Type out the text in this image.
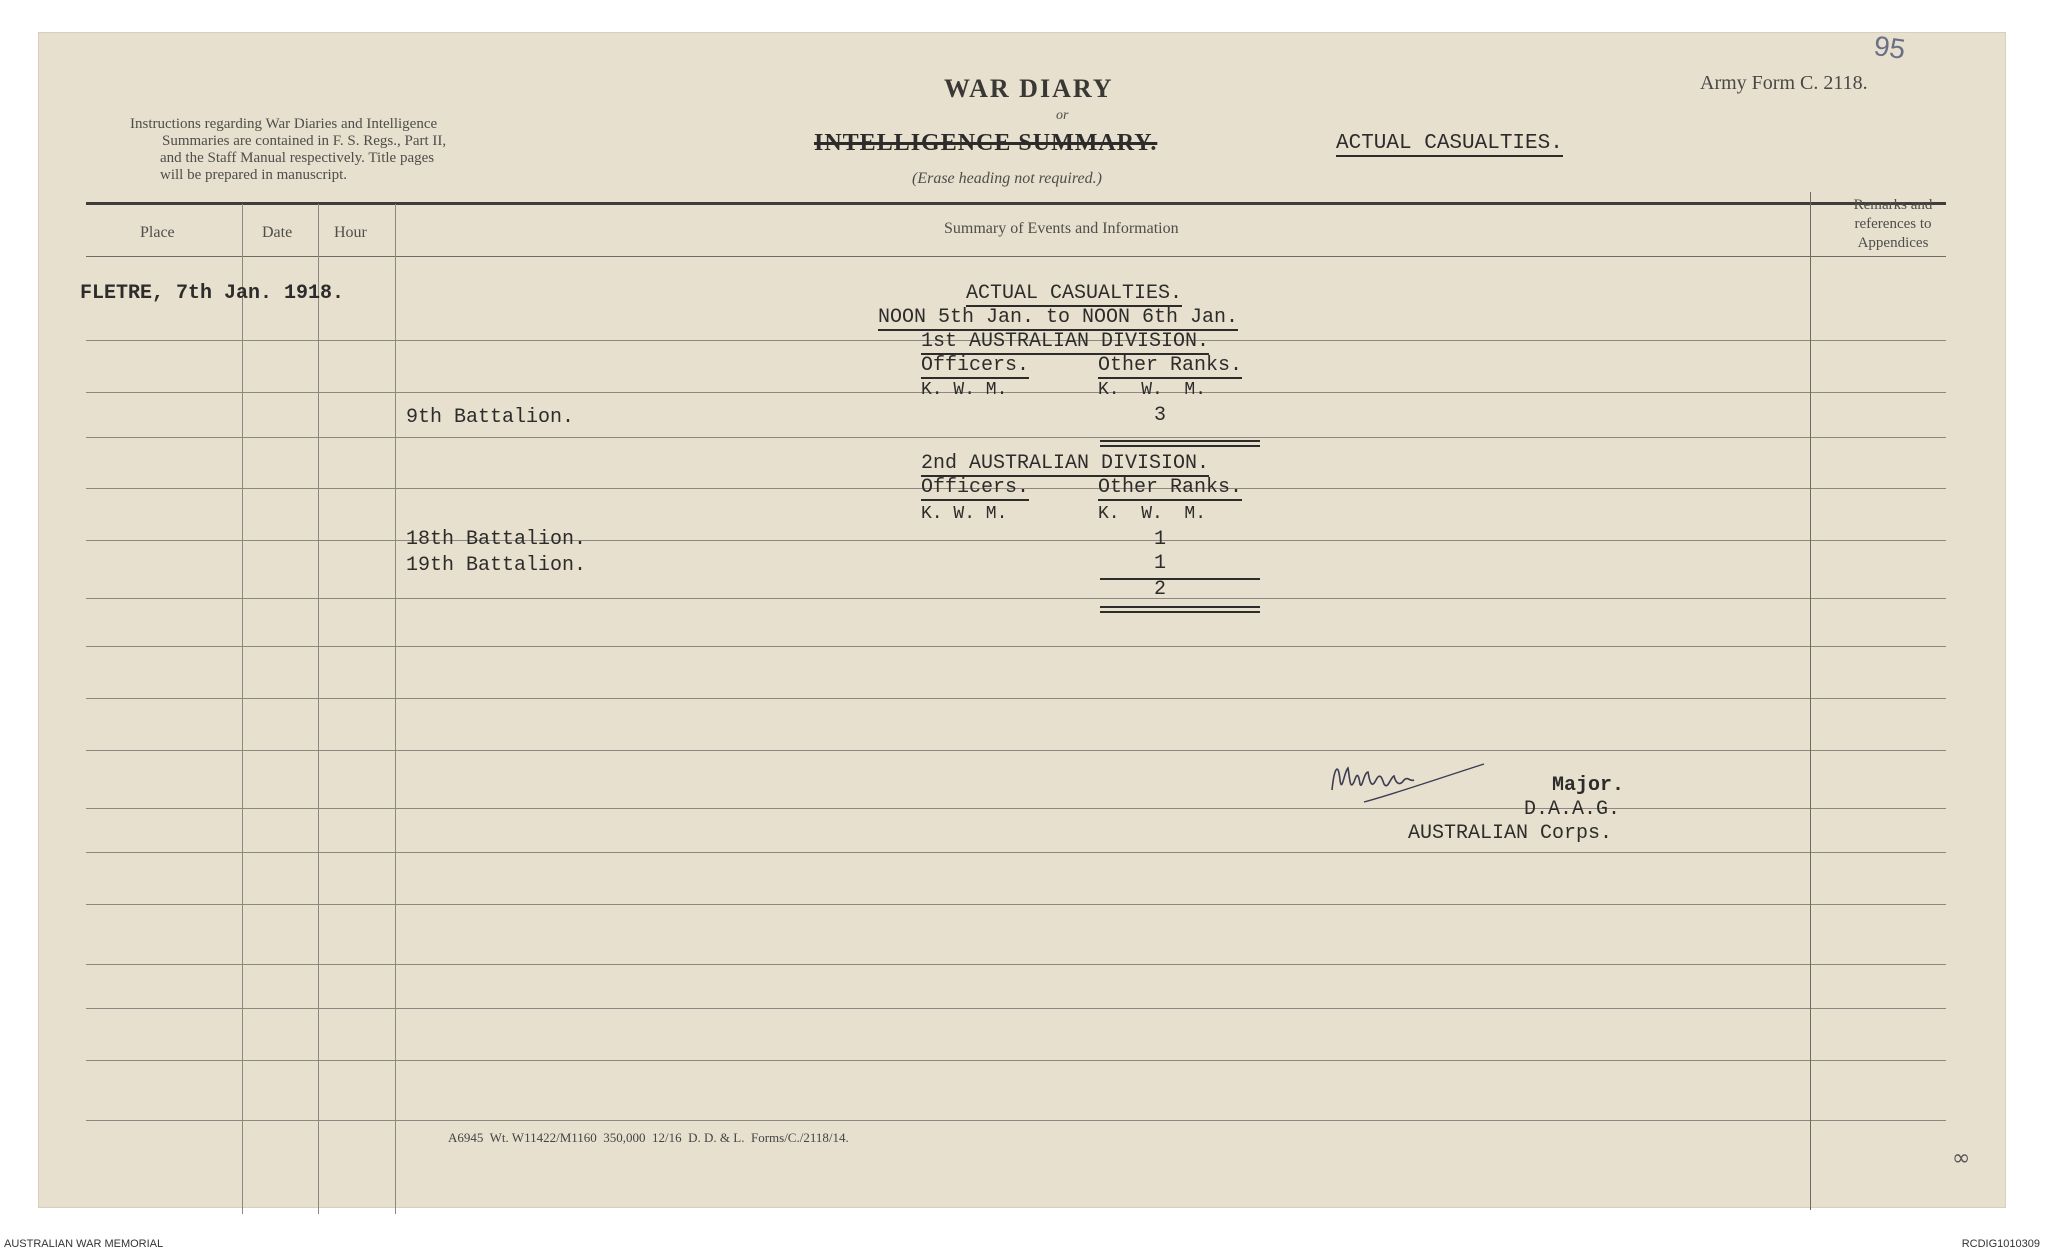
Instructions regarding War Diaries and Intelligence
Summaries are contained in F. S. Regs., Part II,
and the Staff Manual respectively. Title pages
will be prepared in manuscript.
WAR DIARY
or
INTELLIGENCE SUMMARY.	ACTUAL CASUALTIES.
(Erase heading not required.)
Army Form C. 2118.
95
Place	Date	Hour	Summary of Events and Information
Remarks and
references to
Appendices
FLETRE, 7th Jan. 1918.	ACTUAL CASUALTIES.
NOON 5th Jan. to NOON 6th Jan.
1st AUSTRALIAN DIVISION.
Officers.	Other Ranks.
K. W. M.	K.  W.  M.
9th Battalion.	3
2nd AUSTRALIAN DIVISION.
Officers.	Other Ranks.
K. W. M.	K.  W.  M.
18th Battalion.	1
19th Battalion.	1
2
Major.
D.A.A.G.
AUSTRALIAN Corps.
A6945  Wt. W11422/M1160  350,000  12/16  D. D. & L.  Forms/C./2118/14.
∞
AUSTRALIAN WAR MEMORIAL	RCDIG1010309
